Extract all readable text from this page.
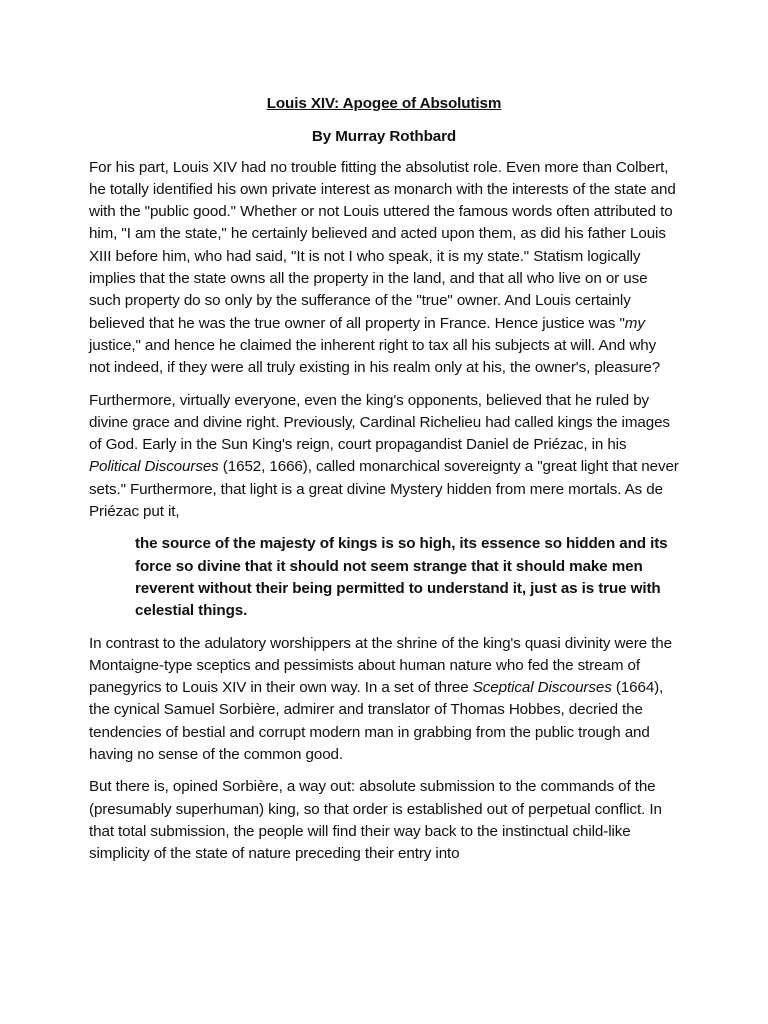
Louis XIV: Apogee of Absolutism
By Murray Rothbard

For his part, Louis XIV had no trouble fitting the absolutist role. Even more than Colbert, he totally identified his own private interest as monarch with the interests of the state and with the "public good." Whether or not Louis uttered the famous words often attributed to him, "I am the state," he certainly believed and acted upon them, as did his father Louis XIII before him, who had said, "It is not I who speak, it is my state." Statism logically implies that the state owns all the property in the land, and that all who live on or use such property do so only by the sufferance of the "true" owner. And Louis certainly believed that he was the true owner of all property in France. Hence justice was "my justice," and hence he claimed the inherent right to tax all his subjects at will. And why not indeed, if they were all truly existing in his realm only at his, the owner's, pleasure?

Furthermore, virtually everyone, even the king's opponents, believed that he ruled by divine grace and divine right. Previously, Cardinal Richelieu had called kings the images of God. Early in the Sun King's reign, court propagandist Daniel de Priézac, in his Political Discourses (1652, 1666), called monarchical sovereignty a "great light that never sets." Furthermore, that light is a great divine Mystery hidden from mere mortals. As de Priézac put it,

the source of the majesty of kings is so high, its essence so hidden and its force so divine that it should not seem strange that it should make men reverent without their being permitted to understand it, just as is true with celestial things.

In contrast to the adulatory worshippers at the shrine of the king's quasi divinity were the Montaigne-type sceptics and pessimists about human nature who fed the stream of panegyrics to Louis XIV in their own way. In a set of three Sceptical Discourses (1664), the cynical Samuel Sorbière, admirer and translator of Thomas Hobbes, decried the tendencies of bestial and corrupt modern man in grabbing from the public trough and having no sense of the common good.

But there is, opined Sorbière, a way out: absolute submission to the commands of the (presumably superhuman) king, so that order is established out of perpetual conflict. In that total submission, the people will find their way back to the instinctual child-like simplicity of the state of nature preceding their entry into
